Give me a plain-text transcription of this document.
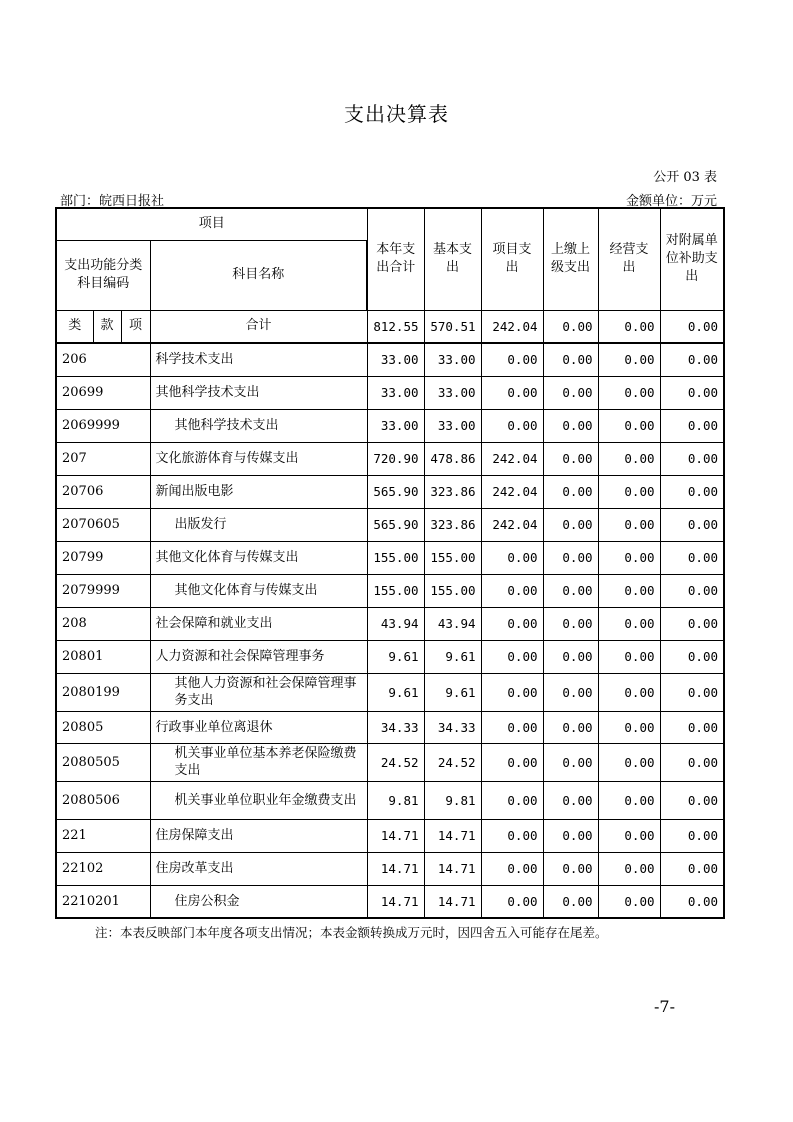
支出决算表
公开 03 表
部门：皖西日报社	金额单位：万元
项目				本年支出合计	基本支出	项目支出	上缴上级支出	经营支出	对附属单位补助支出
支出功能分类科目编码			科目名称						
类	款	项	合计	812.55	570.51	242.04	0.00	0.00	0.00
206			科学技术支出	33.00	33.00	0.00	0.00	0.00	0.00
20699			其他科学技术支出	33.00	33.00	0.00	0.00	0.00	0.00
2069999			其他科学技术支出	33.00	33.00	0.00	0.00	0.00	0.00
207			文化旅游体育与传媒支出	720.90	478.86	242.04	0.00	0.00	0.00
20706			新闻出版电影	565.90	323.86	242.04	0.00	0.00	0.00
2070605			出版发行	565.90	323.86	242.04	0.00	0.00	0.00
20799			其他文化体育与传媒支出	155.00	155.00	0.00	0.00	0.00	0.00
2079999			其他文化体育与传媒支出	155.00	155.00	0.00	0.00	0.00	0.00
208			社会保障和就业支出	43.94	43.94	0.00	0.00	0.00	0.00
20801			人力资源和社会保障管理事务	9.61	9.61	0.00	0.00	0.00	0.00
2080199			其他人力资源和社会保障管理事务支出	9.61	9.61	0.00	0.00	0.00	0.00
20805			行政事业单位离退休	34.33	34.33	0.00	0.00	0.00	0.00
2080505			机关事业单位基本养老保险缴费支出	24.52	24.52	0.00	0.00	0.00	0.00
2080506			机关事业单位职业年金缴费支出	9.81	9.81	0.00	0.00	0.00	0.00
221			住房保障支出	14.71	14.71	0.00	0.00	0.00	0.00
22102			住房改革支出	14.71	14.71	0.00	0.00	0.00	0.00
2210201			住房公积金	14.71	14.71	0.00	0.00	0.00	0.00
注：本表反映部门本年度各项支出情况；本表金额转换成万元时，因四舍五入可能存在尾差。
-7-
